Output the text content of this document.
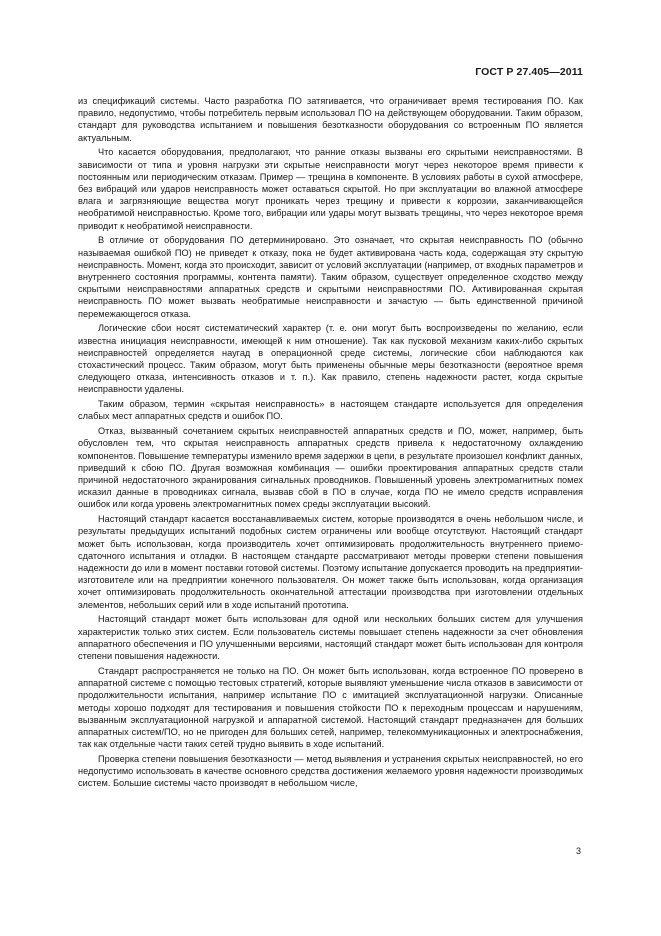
ГОСТ Р 27.405—2011

из спецификаций системы. Часто разработка ПО затягивается, что ограничивает время тестирования ПО. Как правило, недопустимо, чтобы потребитель первым использовал ПО на действующем оборудовании. Таким образом, стандарт для руководства испытанием и повышения безотказности оборудования со встроенным ПО является актуальным.

Что касается оборудования, предполагают, что ранние отказы вызваны его скрытыми неисправностями. В зависимости от типа и уровня нагрузки эти скрытые неисправности могут через некоторое время привести к постоянным или периодическим отказам. Пример — трещина в компоненте. В условиях работы в сухой атмосфере, без вибраций или ударов неисправность может оставаться скрытой. Но при эксплуатации во влажной атмосфере влага и загрязняющие вещества могут проникать через трещину и привести к коррозии, заканчивающейся необратимой неисправностью. Кроме того, вибрации или удары могут вызвать трещины, что через некоторое время приводит к необратимой неисправности.

В отличие от оборудования ПО детерминировано. Это означает, что скрытая неисправность ПО (обычно называемая ошибкой ПО) не приведет к отказу, пока не будет активирована часть кода, содержащая эту скрытую неисправность. Момент, когда это происходит, зависит от условий эксплуатации (например, от входных параметров и внутреннего состояния программы, контента памяти). Таким образом, существует определенное сходство между скрытыми неисправностями аппаратных средств и скрытыми неисправностями ПО. Активированная скрытая неисправность ПО может вызвать необратимые неисправности и зачастую — быть единственной причиной перемежающегося отказа.

Логические сбои носят систематический характер (т. е. они могут быть воспроизведены по желанию, если известна инициация неисправности, имеющей к ним отношение). Так как пусковой механизм каких-либо скрытых неисправностей определяется наугад в операционной среде системы, логические сбои наблюдаются как стохастический процесс. Таким образом, могут быть применены обычные меры безотказности (вероятное время следующего отказа, интенсивность отказов и т. п.). Как правило, степень надежности растет, когда скрытые неисправности удалены.

Таким образом, термин «скрытая неисправность» в настоящем стандарте используется для определения слабых мест аппаратных средств и ошибок ПО.

Отказ, вызванный сочетанием скрытых неисправностей аппаратных средств и ПО, может, например, быть обусловлен тем, что скрытая неисправность аппаратных средств привела к недостаточному охлаждению компонентов. Повышение температуры изменило время задержки в цепи, в результате произошел конфликт данных, приведший к сбою ПО. Другая возможная комбинация — ошибки проектирования аппаратных средств стали причиной недостаточного экранирования сигнальных проводников. Повышенный уровень электромагнитных помех исказил данные в проводниках сигнала, вызвав сбой в ПО в случае, когда ПО не имело средств исправления ошибок или когда уровень электромагнитных помех среды эксплуатации высокий.

Настоящий стандарт касается восстанавливаемых систем, которые производятся в очень небольшом числе, и результаты предыдущих испытаний подобных систем ограничены или вообще отсутствуют. Настоящий стандарт может быть использован, когда производитель хочет оптимизировать продолжительность внутреннего приемо-сдаточного испытания и отладки. В настоящем стандарте рассматривают методы проверки степени повышения надежности до или в момент поставки готовой системы. Поэтому испытание допускается проводить на предприятии-изготовителе или на предприятии конечного пользователя. Он может также быть использован, когда организация хочет оптимизировать продолжительность окончательной аттестации производства при изготовлении отдельных элементов, небольших серий или в ходе испытаний прототипа.

Настоящий стандарт может быть использован для одной или нескольких больших систем для улучшения характеристик только этих систем. Если пользователь системы повышает степень надежности за счет обновления аппаратного обеспечения и ПО улучшенными версиями, настоящий стандарт может быть использован для контроля степени повышения надежности.

Стандарт распространяется не только на ПО. Он может быть использован, когда встроенное ПО проверено в аппаратной системе с помощью тестовых стратегий, которые выявляют уменьшение числа отказов в зависимости от продолжительности испытания, например испытание ПО с имитацией эксплуатационной нагрузки. Описанные методы хорошо подходят для тестирования и повышения стойкости ПО к переходным процессам и нарушениям, вызванным эксплуатационной нагрузкой и аппаратной системой. Настоящий стандарт предназначен для больших аппаратных систем/ПО, но не пригоден для больших сетей, например, телекоммуникационных и электроснабжения, так как отдельные части таких сетей трудно выявить в ходе испытаний.

Проверка степени повышения безотказности — метод выявления и устранения скрытых неисправностей, но его недопустимо использовать в качестве основного средства достижения желаемого уровня надежности производимых систем. Большие системы часто производят в небольшом числе,

3
